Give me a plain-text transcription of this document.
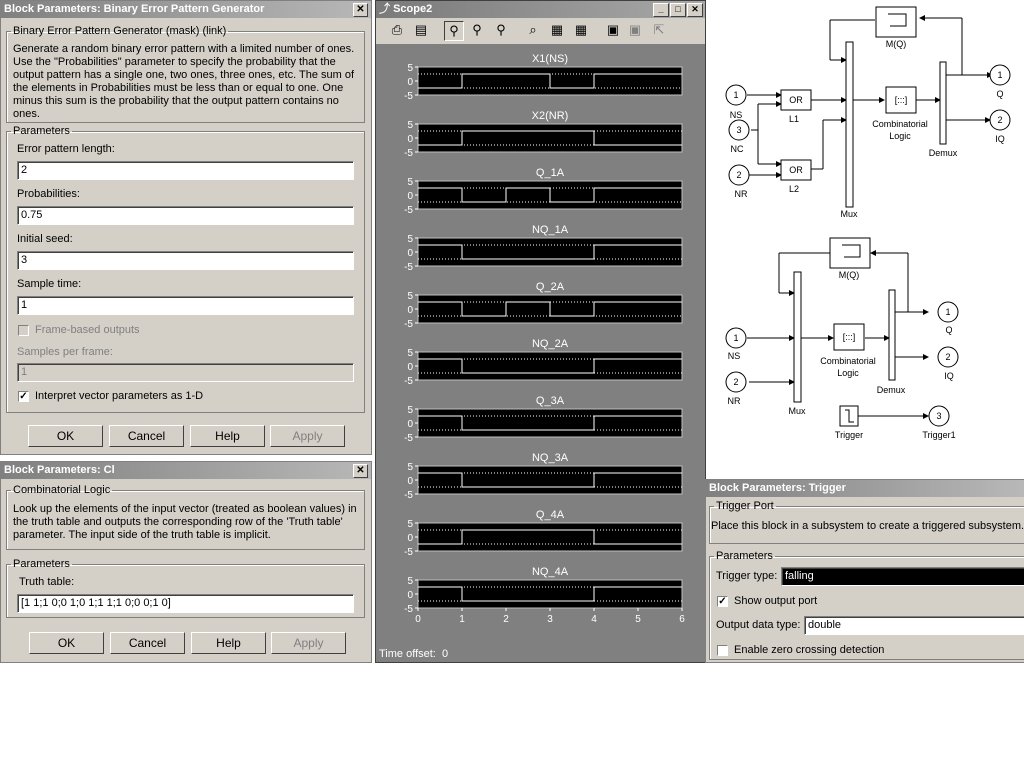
Block Parameters: Binary Error Pattern Generator	✕
Binary Error Pattern Generator (mask) (link)
Generate a random binary error pattern with a limited number of ones. Use the "Probabilities" parameter to specify the probability that the output pattern has a single one, two ones, three ones, etc. The sum of the elements in Probabilities must be less than or equal to one. One minus this sum is the probability that the output pattern contains no ones.
Parameters
Error pattern length:
2
Probabilities:
0.75
Initial seed:
3
Sample time:
1
Frame-based outputs
Samples per frame:
1
✓ Interpret vector parameters as 1-D
OK	Cancel	Help	Apply
Block Parameters: Cl	✕
Combinatorial Logic
Look up the elements of the input vector (treated as boolean values) in the truth table and outputs the corresponding row of the 'Truth table' parameter. The input side of the truth table is implicit.
Parameters
Truth table:
[1 1;1 0;0 1;0 1;1 1;1 0;0 0;1 0]
OK	Cancel	Help	Apply
⤴ Scope2	_	□	✕
⎙ ▤	⚲	⚲	⚲	⌕	▦ ▦ ▣ ▣ ⇱
X1(NS)
5
0
-5
X2(NR)
5
0
-5
Q_1A
5
0
-5
NQ_1A
5
0
-5
Q_2A
5
0
-5
NQ_2A
5
0
-5
Q_3A
5
0
-5
NQ_3A
5
0
-5
Q_4A
5
0
-5
NQ_4A
5
0
-5
0	1	2	3	4	5	6
Time offset: 0
M(Q)
1
NS
3
NC
2
NR
OR
L1
OR
L2
Mux
[:::]
Combinatorial
Logic
Demux
1
Q
2
IQ
M(Q)
1
NS
2
NR
Mux
[:::]
Combinatorial
Logic
Demux
1
Q
2
IQ
Trigger
3
Trigger1
Block Parameters: Trigger
Trigger Port
Place this block in a subsystem to create a triggered subsystem.
Parameters
Trigger type: falling
✓ Show output port
Output data type: double
Enable zero crossing detection
